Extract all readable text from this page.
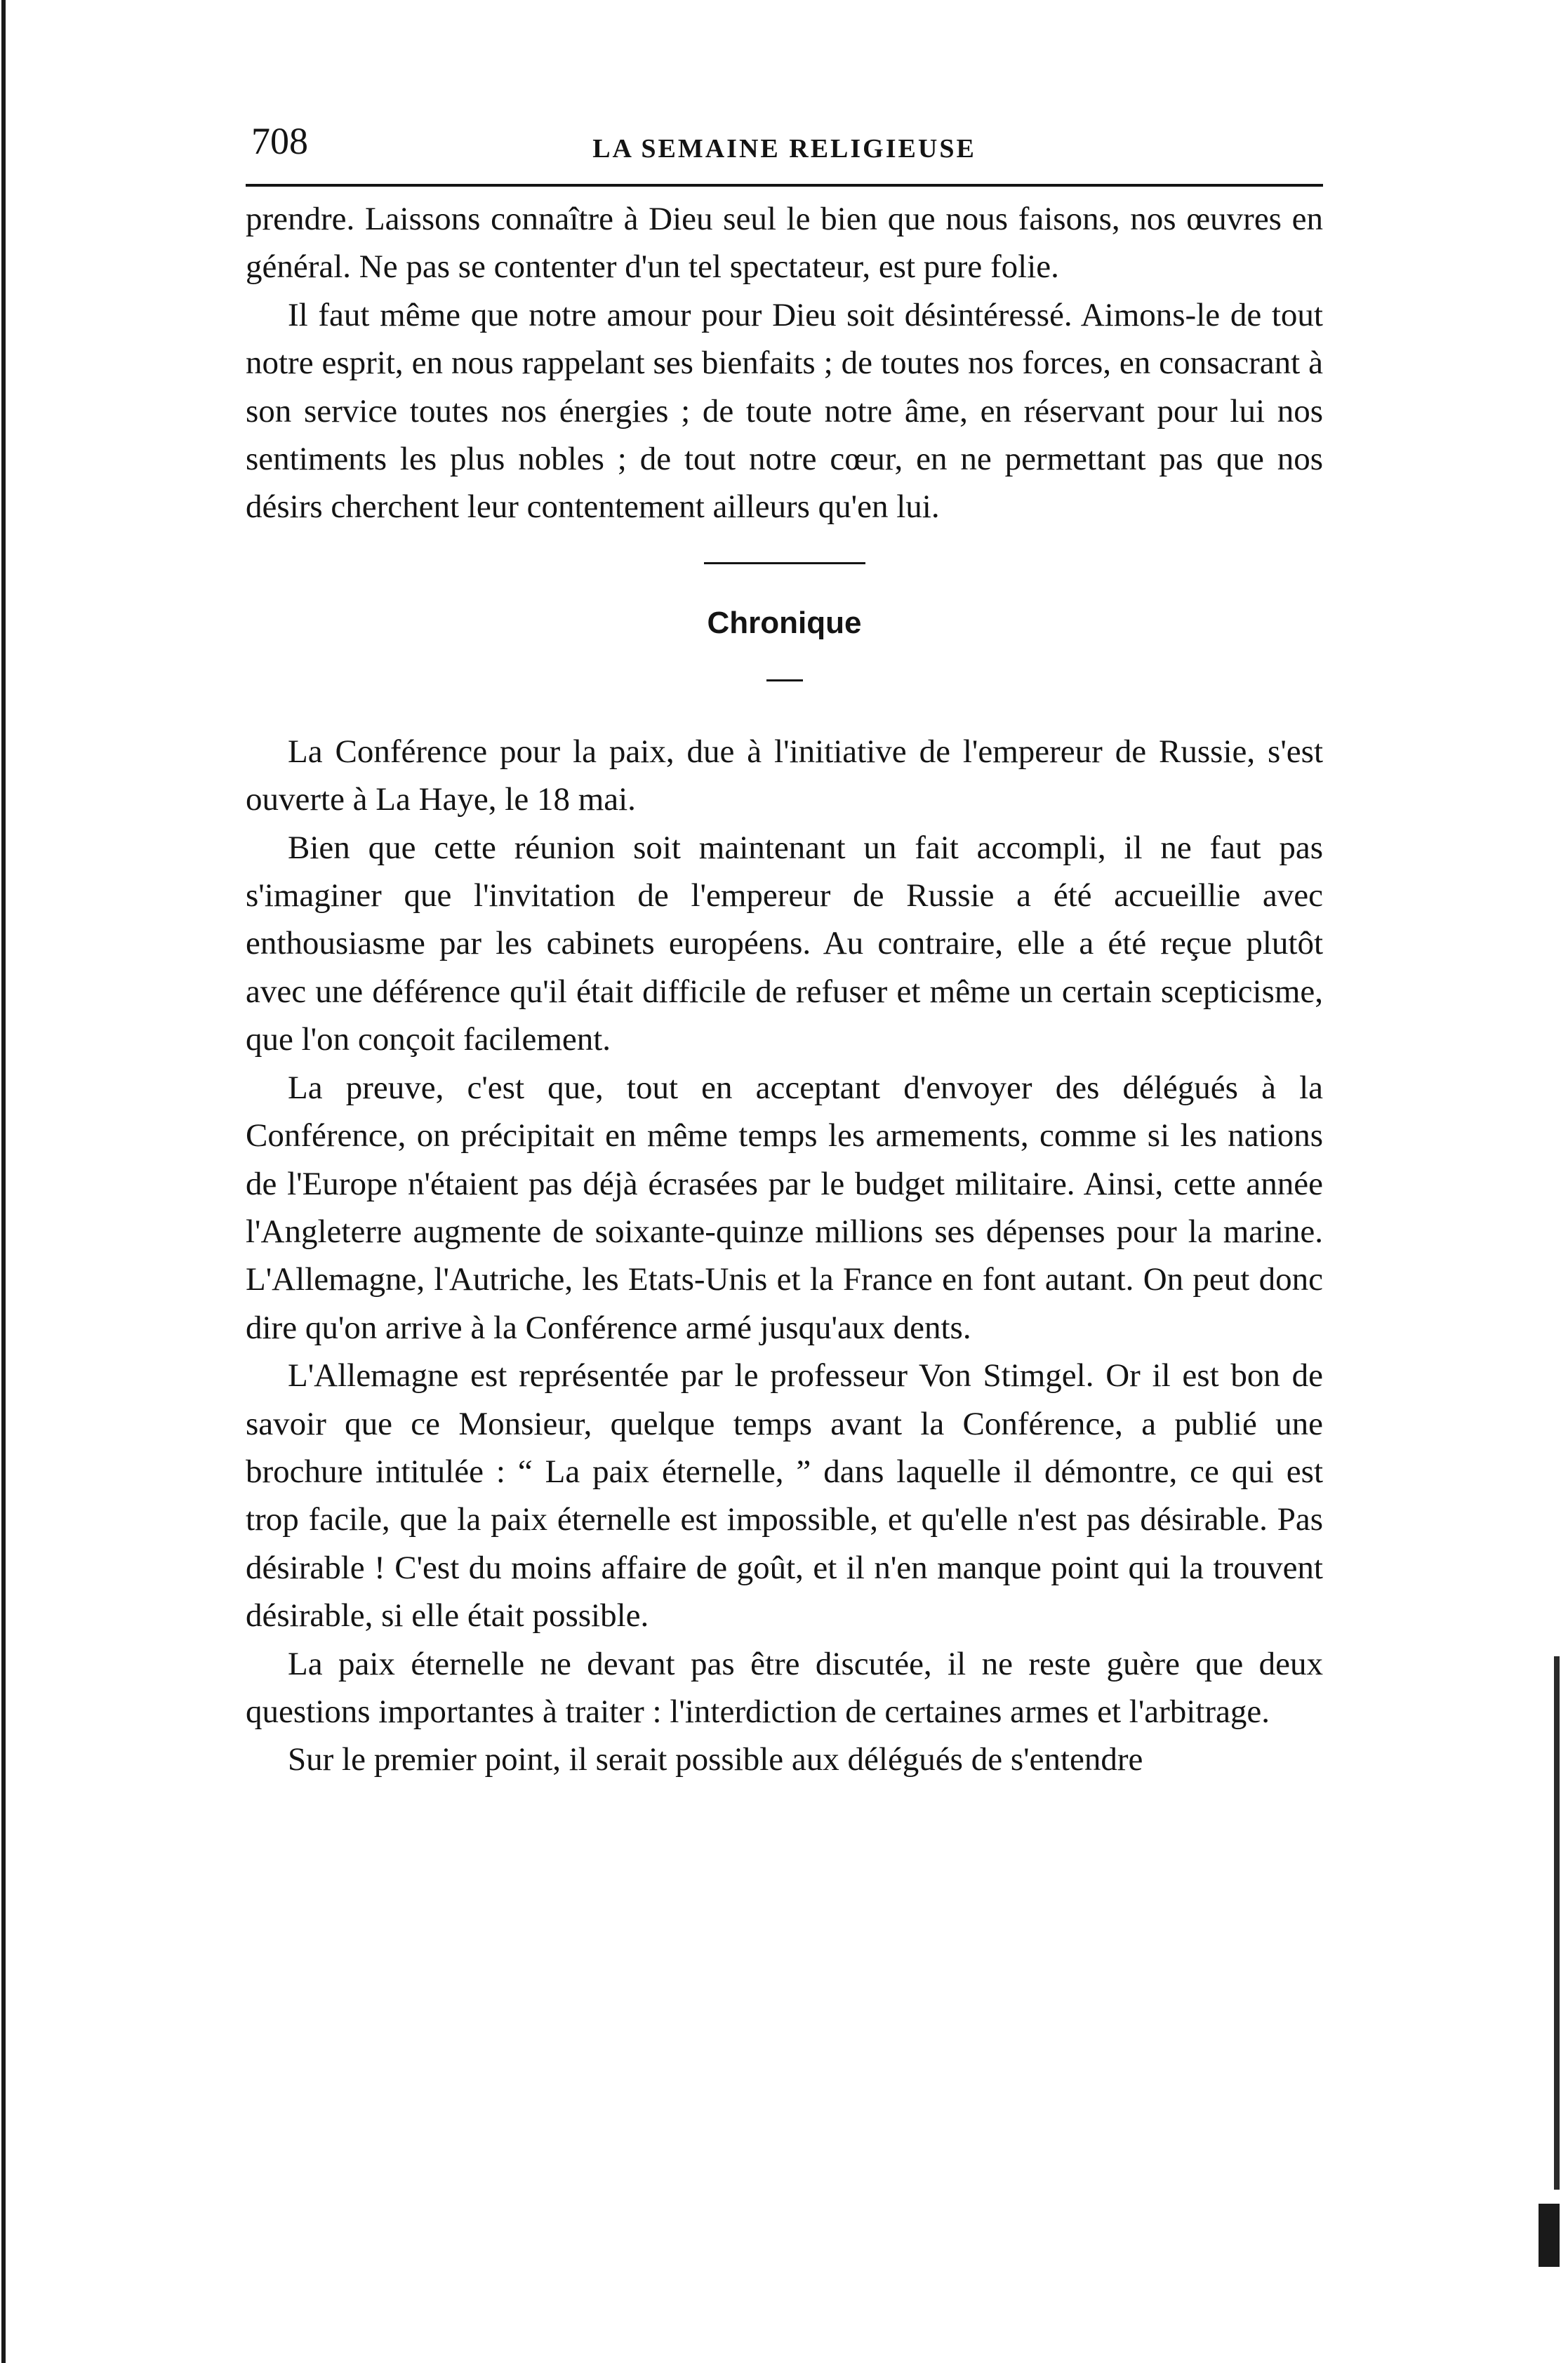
708	LA SEMAINE RELIGIEUSE

prendre. Laissons connaître à Dieu seul le bien que nous faisons, nos œuvres en général. Ne pas se contenter d'un tel spectateur, est pure folie.

Il faut même que notre amour pour Dieu soit désintéressé. Aimons-le de tout notre esprit, en nous rappelant ses bienfaits ; de toutes nos forces, en consacrant à son service toutes nos énergies ; de toute notre âme, en réservant pour lui nos sentiments les plus nobles ; de tout notre cœur, en ne permettant pas que nos désirs cherchent leur contentement ailleurs qu'en lui.

Chronique

La Conférence pour la paix, due à l'initiative de l'empereur de Russie, s'est ouverte à La Haye, le 18 mai.

Bien que cette réunion soit maintenant un fait accompli, il ne faut pas s'imaginer que l'invitation de l'empereur de Russie a été accueillie avec enthousiasme par les cabinets européens. Au contraire, elle a été reçue plutôt avec une déférence qu'il était difficile de refuser et même un certain scepticisme, que l'on conçoit facilement.

La preuve, c'est que, tout en acceptant d'envoyer des délégués à la Conférence, on précipitait en même temps les armements, comme si les nations de l'Europe n'étaient pas déjà écrasées par le budget militaire. Ainsi, cette année l'Angleterre augmente de soixante-quinze millions ses dépenses pour la marine. L'Allemagne, l'Autriche, les Etats-Unis et la France en font autant. On peut donc dire qu'on arrive à la Conférence armé jusqu'aux dents.

L'Allemagne est représentée par le professeur Von Stimgel. Or il est bon de savoir que ce Monsieur, quelque temps avant la Conférence, a publié une brochure intitulée : “ La paix éternelle, ” dans laquelle il démontre, ce qui est trop facile, que la paix éternelle est impossible, et qu'elle n'est pas désirable. Pas désirable ! C'est du moins affaire de goût, et il n'en manque point qui la trouvent désirable, si elle était possible.

La paix éternelle ne devant pas être discutée, il ne reste guère que deux questions importantes à traiter : l'interdiction de certaines armes et l'arbitrage.

Sur le premier point, il serait possible aux délégués de s'entendre
